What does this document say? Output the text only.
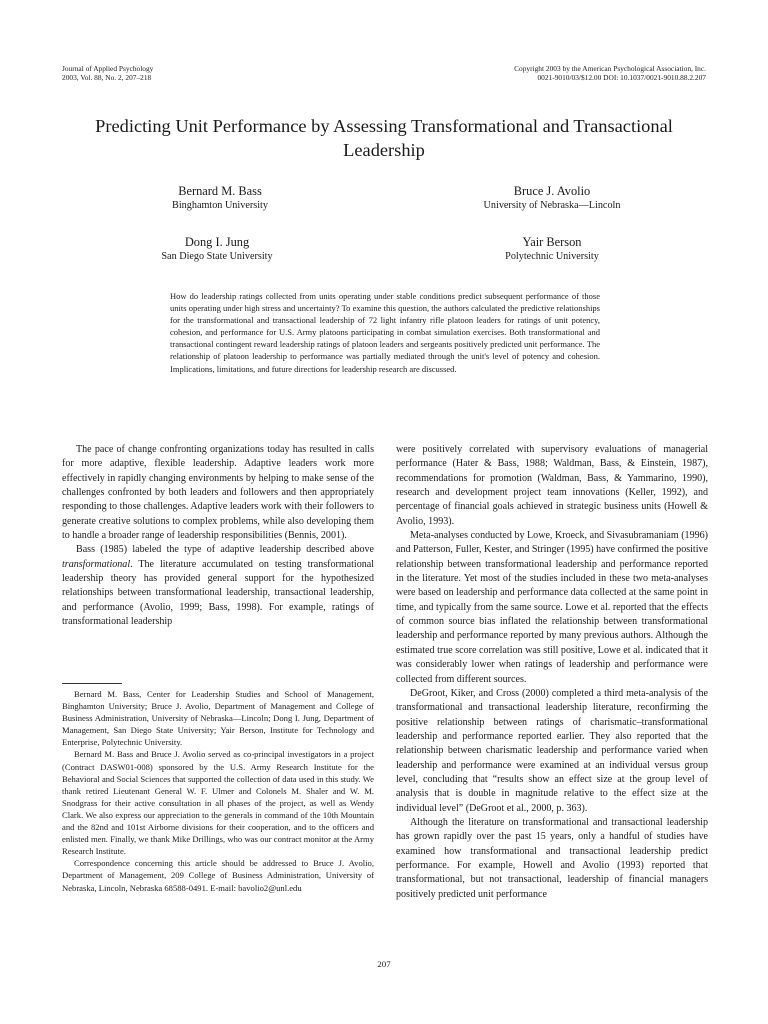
Journal of Applied Psychology
2003, Vol. 88, No. 2, 207–218
Copyright 2003 by the American Psychological Association, Inc.
0021-9010/03/$12.00 DOI: 10.1037/0021-9010.88.2.207
Predicting Unit Performance by Assessing Transformational and Transactional Leadership
Bernard M. Bass
Binghamton University
Bruce J. Avolio
University of Nebraska—Lincoln
Dong I. Jung
San Diego State University
Yair Berson
Polytechnic University
How do leadership ratings collected from units operating under stable conditions predict subsequent performance of those units operating under high stress and uncertainty? To examine this question, the authors calculated the predictive relationships for the transformational and transactional leadership of 72 light infantry rifle platoon leaders for ratings of unit potency, cohesion, and performance for U.S. Army platoons participating in combat simulation exercises. Both transformational and transactional contingent reward leadership ratings of platoon leaders and sergeants positively predicted unit performance. The relationship of platoon leadership to performance was partially mediated through the unit's level of potency and cohesion. Implications, limitations, and future directions for leadership research are discussed.

The pace of change confronting organizations today has resulted in calls for more adaptive, flexible leadership. Adaptive leaders work more effectively in rapidly changing environments by helping to make sense of the challenges confronted by both leaders and followers and then appropriately responding to those challenges. Adaptive leaders work with their followers to generate creative solutions to complex problems, while also developing them to handle a broader range of leadership responsibilities (Bennis, 2001).

Bass (1985) labeled the type of adaptive leadership described above transformational. The literature accumulated on testing transformational leadership theory has provided general support for the hypothesized relationships between transformational leadership, transactional leadership, and performance (Avolio, 1999; Bass, 1998). For example, ratings of transformational leadership

Bernard M. Bass, Center for Leadership Studies and School of Management, Binghamton University; Bruce J. Avolio, Department of Management and College of Business Administration, University of Nebraska—Lincoln; Dong I. Jung, Department of Management, San Diego State University; Yair Berson, Institute for Technology and Enterprise, Polytechnic University.

Bernard M. Bass and Bruce J. Avolio served as co-principal investigators in a project (Contract DASW01-008) sponsored by the U.S. Army Research Institute for the Behavioral and Social Sciences that supported the collection of data used in this study. We thank retired Lieutenant General W. F. Ulmer and Colonels M. Shaler and W. M. Snodgrass for their active consultation in all phases of the project, as well as Wendy Clark. We also express our appreciation to the generals in command of the 10th Mountain and the 82nd and 101st Airborne divisions for their cooperation, and to the officers and enlisted men. Finally, we thank Mike Drillings, who was our contract monitor at the Army Research Institute.

Correspondence concerning this article should be addressed to Bruce J. Avolio, Department of Management, 209 College of Business Administration, University of Nebraska, Lincoln, Nebraska 68588-0491. E-mail: bavolio2@unl.edu

were positively correlated with supervisory evaluations of managerial performance (Hater & Bass, 1988; Waldman, Bass, & Einstein, 1987), recommendations for promotion (Waldman, Bass, & Yammarino, 1990), research and development project team innovations (Keller, 1992), and percentage of financial goals achieved in strategic business units (Howell & Avolio, 1993).

Meta-analyses conducted by Lowe, Kroeck, and Sivasubramaniam (1996) and Patterson, Fuller, Kester, and Stringer (1995) have confirmed the positive relationship between transformational leadership and performance reported in the literature. Yet most of the studies included in these two meta-analyses were based on leadership and performance data collected at the same point in time, and typically from the same source. Lowe et al. reported that the effects of common source bias inflated the relationship between transformational leadership and performance reported by many previous authors. Although the estimated true score correlation was still positive, Lowe et al. indicated that it was considerably lower when ratings of leadership and performance were collected from different sources.

DeGroot, Kiker, and Cross (2000) completed a third meta-analysis of the transformational and transactional leadership literature, reconfirming the positive relationship between ratings of charismatic–transformational leadership and performance reported earlier. They also reported that the relationship between charismatic leadership and performance varied when leadership and performance were examined at an individual versus group level, concluding that “results show an effect size at the group level of analysis that is double in magnitude relative to the effect size at the individual level” (DeGroot et al., 2000, p. 363).

Although the literature on transformational and transactional leadership has grown rapidly over the past 15 years, only a handful of studies have examined how transformational and transactional leadership predict performance. For example, Howell and Avolio (1993) reported that transformational, but not transactional, leadership of financial managers positively predicted unit performance

207
